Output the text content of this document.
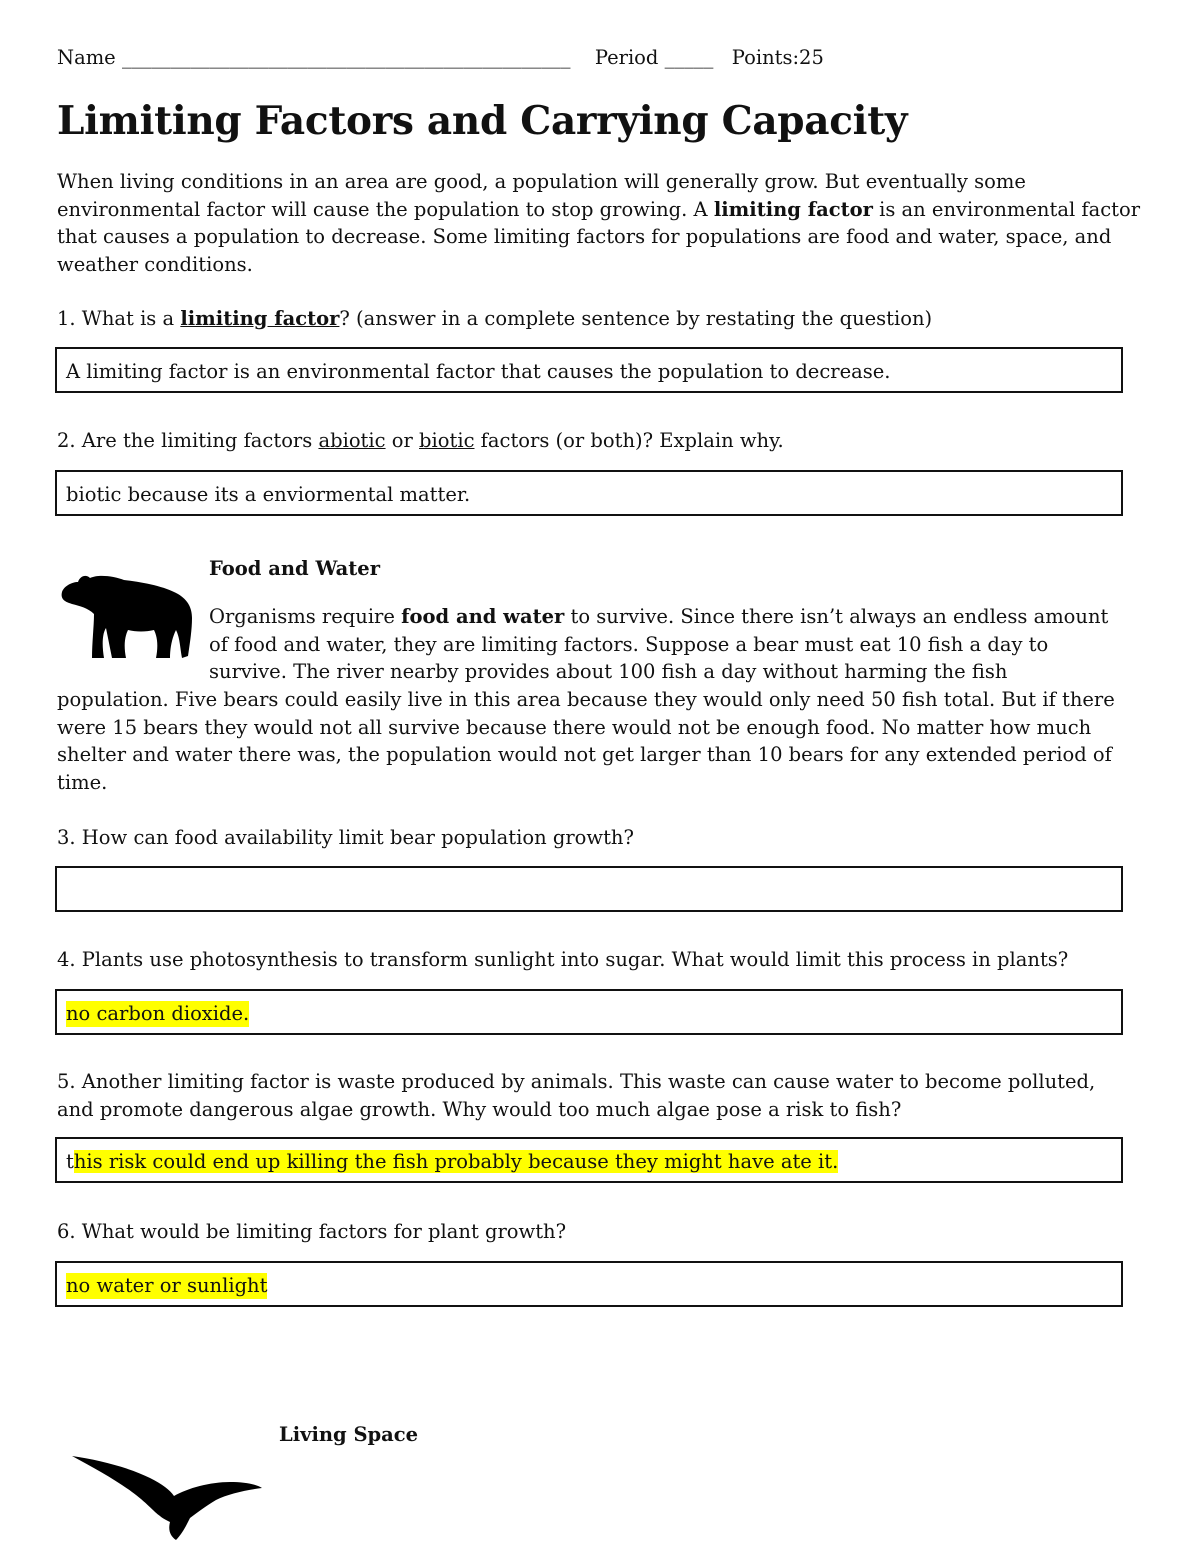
Name ______________________________________________ Period _____ Points:25
Limiting Factors and Carrying Capacity
When living conditions in an area are good, a population will generally grow. But eventually some
environmental factor will cause the population to stop growing. A limiting factor is an environmental factor
that causes a population to decrease. Some limiting factors for populations are food and water, space, and
weather conditions.
1. What is a limiting factor? (answer in a complete sentence by restating the question)
A limiting factor is an environmental factor that causes the population to decrease.
2. Are the limiting factors abiotic or biotic factors (or both)? Explain why.
biotic because its a enviormental matter.
Food and Water
Organisms require food and water to survive. Since there isn’t always an endless amount
of food and water, they are limiting factors. Suppose a bear must eat 10 fish a day to
survive. The river nearby provides about 100 fish a day without harming the fish
population. Five bears could easily live in this area because they would only need 50 fish total. But if there
were 15 bears they would not all survive because there would not be enough food. No matter how much
shelter and water there was, the population would not get larger than 10 bears for any extended period of
time.
3. How can food availability limit bear population growth?
4. Plants use photosynthesis to transform sunlight into sugar. What would limit this process in plants?
no carbon dioxide.
5. Another limiting factor is waste produced by animals. This waste can cause water to become polluted,
and promote dangerous algae growth. Why would too much algae pose a risk to fish?
this risk could end up killing the fish probably because they might have ate it.
6. What would be limiting factors for plant growth?
no water or sunlight
Living Space
